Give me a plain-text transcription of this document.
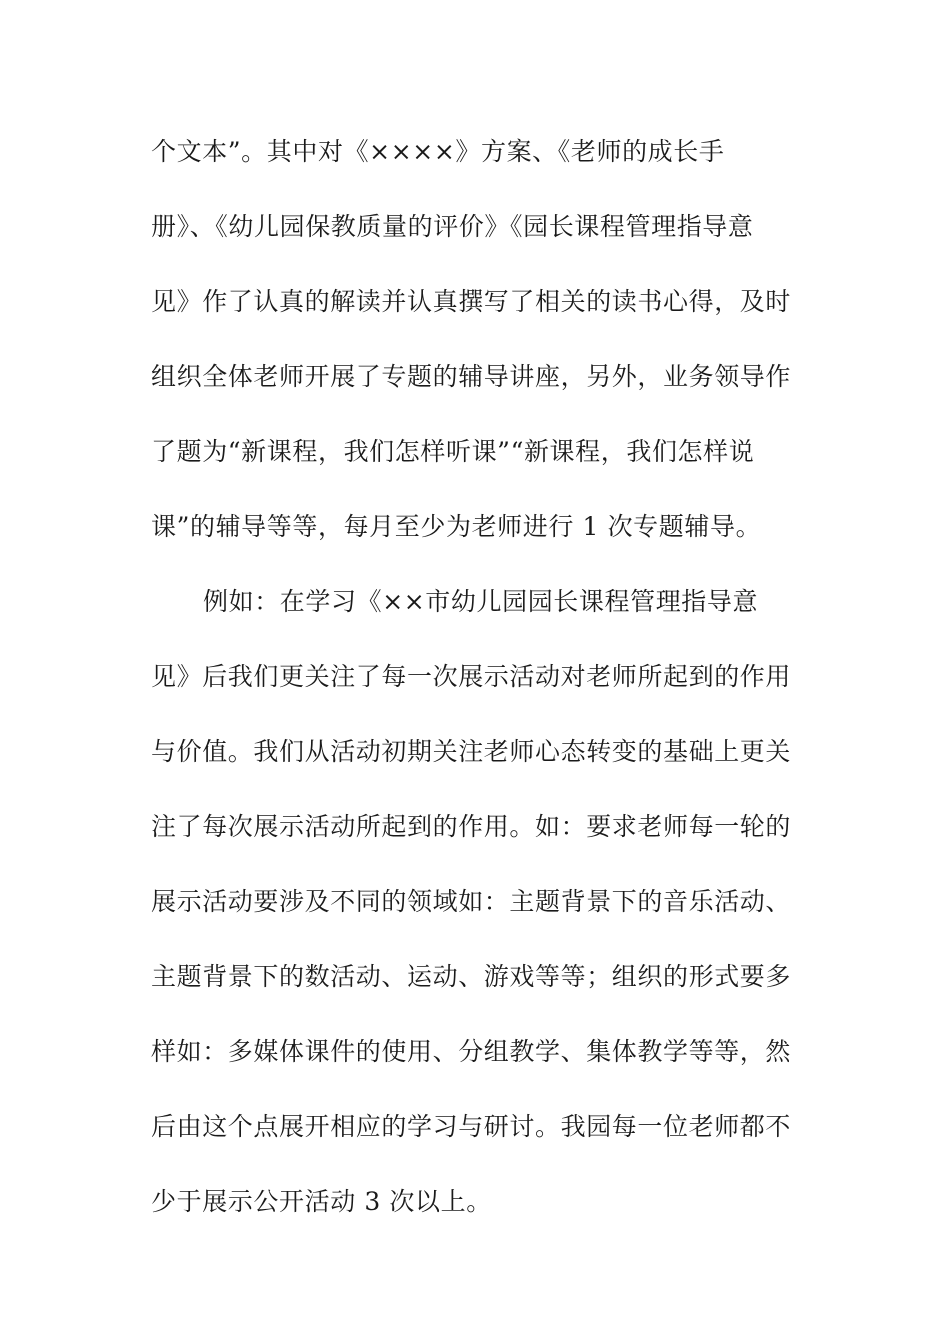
个文本”。其中对《××××》方案、《老师的成长手
册》、《幼儿园保教质量的评价》《园长课程管理指导意
见》作了认真的解读并认真撰写了相关的读书心得，及时
组织全体老师开展了专题的辅导讲座，另外，业务领导作
了题为“新课程，我们怎样听课”“新课程，我们怎样说
课”的辅导等等，每月至少为老师进行 1 次专题辅导。
例如：在学习《××市幼儿园园长课程管理指导意
见》后我们更关注了每一次展示活动对老师所起到的作用
与价值。我们从活动初期关注老师心态转变的基础上更关
注了每次展示活动所起到的作用。如：要求老师每一轮的
展示活动要涉及不同的领域如：主题背景下的音乐活动、
主题背景下的数活动、运动、游戏等等；组织的形式要多
样如：多媒体课件的使用、分组教学、集体教学等等，然
后由这个点展开相应的学习与研讨。我园每一位老师都不
少于展示公开活动 3 次以上。
